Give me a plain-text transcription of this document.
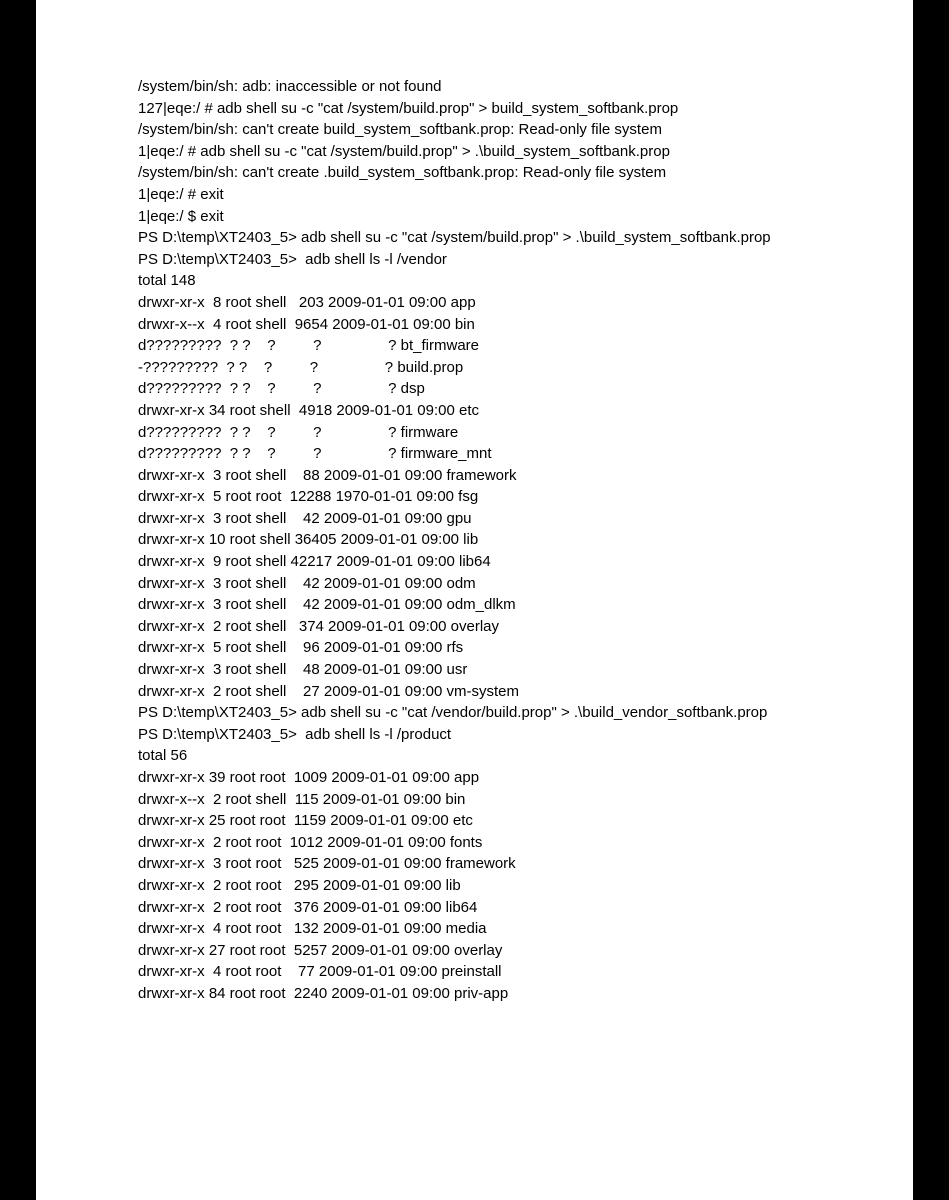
/system/bin/sh: adb: inaccessible or not found
127|eqe:/ # adb shell su -c "cat /system/build.prop" > build_system_softbank.prop
/system/bin/sh: can't create build_system_softbank.prop: Read-only file system
1|eqe:/ # adb shell su -c "cat /system/build.prop" > .\build_system_softbank.prop
/system/bin/sh: can't create .build_system_softbank.prop: Read-only file system
1|eqe:/ # exit
1|eqe:/ $ exit
PS D:\temp\XT2403_5> adb shell su -c "cat /system/build.prop" > .\build_system_softbank.prop
PS D:\temp\XT2403_5>  adb shell ls -l /vendor
total 148
drwxr-xr-x  8 root shell   203 2009-01-01 09:00 app
drwxr-x--x  4 root shell  9654 2009-01-01 09:00 bin
d?????????  ? ?    ?         ?                ? bt_firmware
-?????????  ? ?    ?         ?                ? build.prop
d?????????  ? ?    ?         ?                ? dsp
drwxr-xr-x 34 root shell  4918 2009-01-01 09:00 etc
d?????????  ? ?    ?         ?                ? firmware
d?????????  ? ?    ?         ?                ? firmware_mnt
drwxr-xr-x  3 root shell    88 2009-01-01 09:00 framework
drwxr-xr-x  5 root root  12288 1970-01-01 09:00 fsg
drwxr-xr-x  3 root shell    42 2009-01-01 09:00 gpu
drwxr-xr-x 10 root shell 36405 2009-01-01 09:00 lib
drwxr-xr-x  9 root shell 42217 2009-01-01 09:00 lib64
drwxr-xr-x  3 root shell    42 2009-01-01 09:00 odm
drwxr-xr-x  3 root shell    42 2009-01-01 09:00 odm_dlkm
drwxr-xr-x  2 root shell   374 2009-01-01 09:00 overlay
drwxr-xr-x  5 root shell    96 2009-01-01 09:00 rfs
drwxr-xr-x  3 root shell    48 2009-01-01 09:00 usr
drwxr-xr-x  2 root shell    27 2009-01-01 09:00 vm-system
PS D:\temp\XT2403_5> adb shell su -c "cat /vendor/build.prop" > .\build_vendor_softbank.prop
PS D:\temp\XT2403_5>  adb shell ls -l /product
total 56
drwxr-xr-x 39 root root  1009 2009-01-01 09:00 app
drwxr-x--x  2 root shell  115 2009-01-01 09:00 bin
drwxr-xr-x 25 root root  1159 2009-01-01 09:00 etc
drwxr-xr-x  2 root root  1012 2009-01-01 09:00 fonts
drwxr-xr-x  3 root root   525 2009-01-01 09:00 framework
drwxr-xr-x  2 root root   295 2009-01-01 09:00 lib
drwxr-xr-x  2 root root   376 2009-01-01 09:00 lib64
drwxr-xr-x  4 root root   132 2009-01-01 09:00 media
drwxr-xr-x 27 root root  5257 2009-01-01 09:00 overlay
drwxr-xr-x  4 root root    77 2009-01-01 09:00 preinstall
drwxr-xr-x 84 root root  2240 2009-01-01 09:00 priv-app
